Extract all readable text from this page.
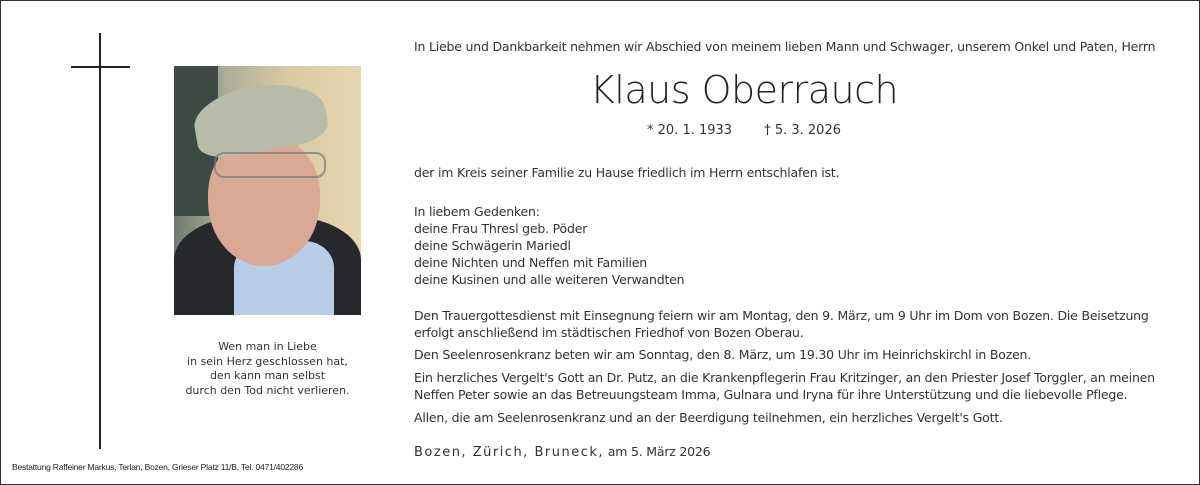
Wen man in Liebe
in sein Herz geschlossen hat,
den kann man selbst
durch den Tod nicht verlieren.
Bestattung Raffeiner Markus, Terlan, Bozen, Grieser Platz 11/B, Tel. 0471/402286
In Liebe und Dankbarkeit nehmen wir Abschied von meinem lieben Mann und Schwager, unserem Onkel und Paten, Herrn
Klaus Oberrauch
* 20. 1. 1933 † 5. 3. 2026
der im Kreis seiner Familie zu Hause friedlich im Herrn entschlafen ist.
In liebem Gedenken:
deine Frau Thresl geb. Pöder
deine Schwägerin Mariedl
deine Nichten und Neffen mit Familien
deine Kusinen und alle weiteren Verwandten
Den Trauergottesdienst mit Einsegnung feiern wir am Montag, den 9. März, um 9 Uhr im Dom von Bozen. Die Beisetzung
erfolgt anschließend im städtischen Friedhof von Bozen Oberau.
Den Seelenrosenkranz beten wir am Sonntag, den 8. März, um 19.30 Uhr im Heinrichskirchl in Bozen.
Ein herzliches Vergelt's Gott an Dr. Putz, an die Krankenpflegerin Frau Kritzinger, an den Priester Josef Torggler, an meinen
Neffen Peter sowie an das Betreuungsteam Imma, Gulnara und Iryna für ihre Unterstützung und die liebevolle Pflege.
Allen, die am Seelenrosenkranz und an der Beerdigung teilnehmen, ein herzliches Vergelt's Gott.
Bozen, Zürich, Bruneck, am 5. März 2026
